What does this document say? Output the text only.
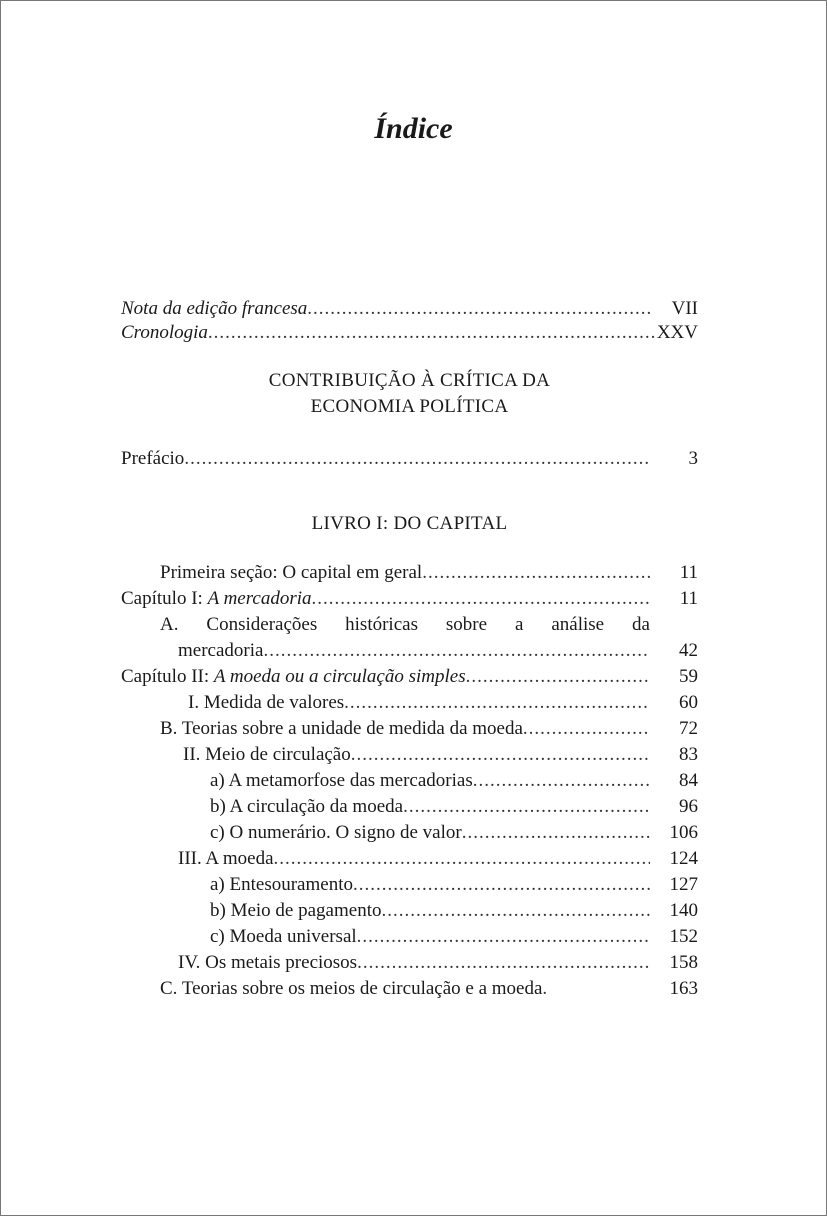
Índice
Nota da edição francesa .....	VII
Cronologia .....	XXV
CONTRIBUIÇÃO À CRÍTICA DA
ECONOMIA POLÍTICA
Prefácio .....	3
LIVRO I: DO CAPITAL
Primeira seção: O capital em geral .....	11
Capítulo I: A mercadoria .....	11
A. Considerações históricas sobre a análise da
mercadoria .....	42
Capítulo II: A moeda ou a circulação simples .....	59
I. Medida de valores .....	60
B. Teorias sobre a unidade de medida da moeda .....	72
II. Meio de circulação .....	83
a) A metamorfose das mercadorias .....	84
b) A circulação da moeda .....	96
c) O numerário. O signo de valor .....	106
III. A moeda .....	124
a) Entesouramento .....	127
b) Meio de pagamento .....	140
c) Moeda universal .....	152
IV. Os metais preciosos .....	158
C. Teorias sobre os meios de circulação e a moeda .....	163
